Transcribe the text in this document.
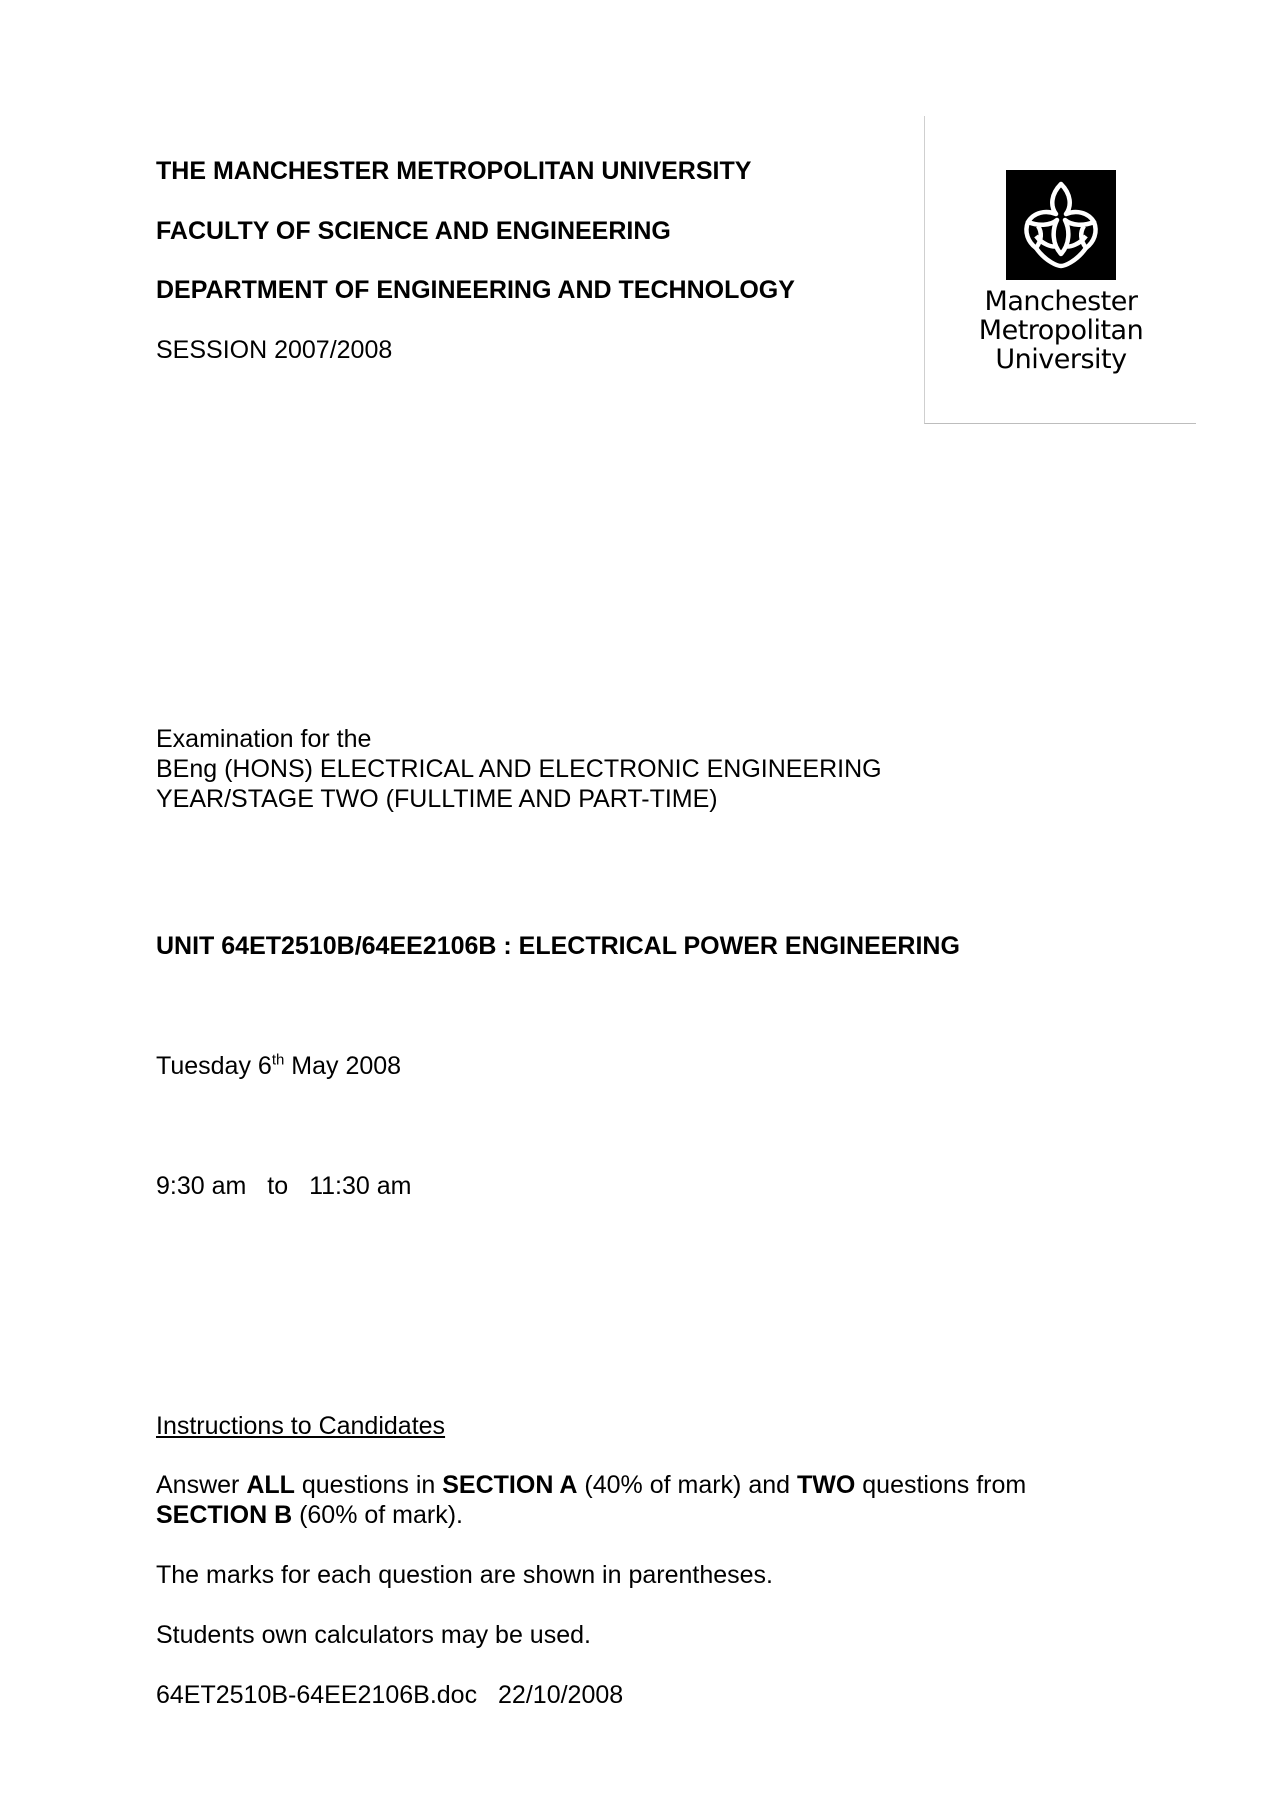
THE MANCHESTER METROPOLITAN UNIVERSITY
FACULTY OF SCIENCE AND ENGINEERING
DEPARTMENT OF ENGINEERING AND TECHNOLOGY
SESSION 2007/2008
Manchester
Metropolitan
University
Examination for the
BEng (HONS) ELECTRICAL AND ELECTRONIC ENGINEERING
YEAR/STAGE TWO (FULLTIME AND PART-TIME)
UNIT 64ET2510B/64EE2106B : ELECTRICAL POWER ENGINEERING
Tuesday 6th May 2008
9:30 am to 11:30 am
Instructions to Candidates
Answer ALL questions in SECTION A (40% of mark) and TWO questions from
SECTION B (60% of mark).
The marks for each question are shown in parentheses.
Students own calculators may be used.
64ET2510B-64EE2106B.doc 22/10/2008
